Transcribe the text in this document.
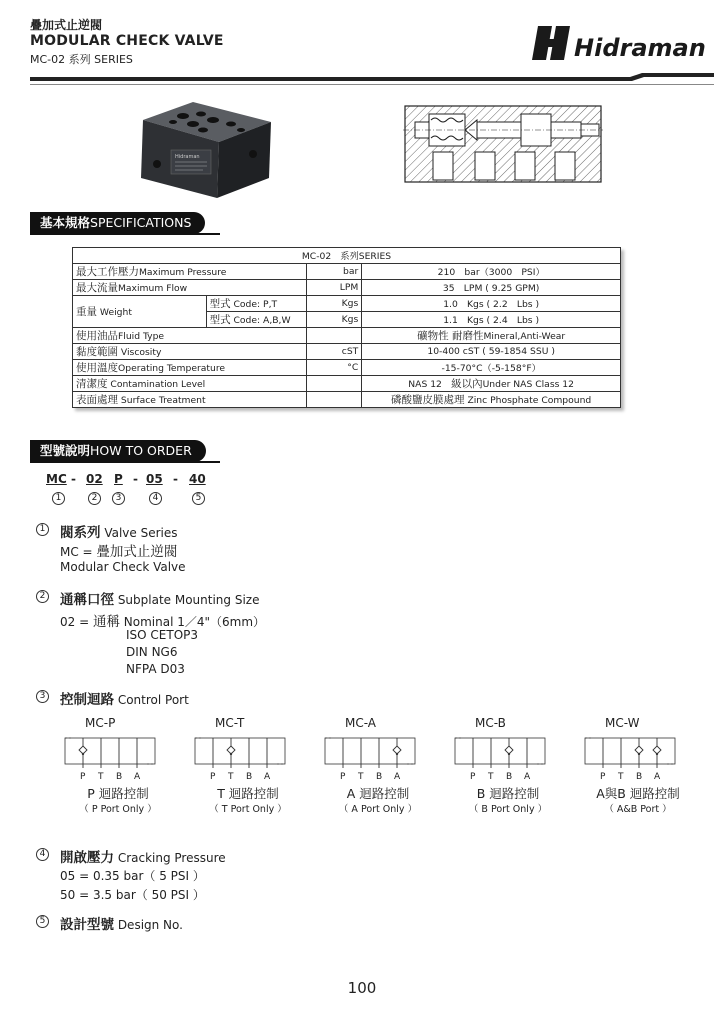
疊加式止逆閥
MODULAR CHECK VALVE
MC-02 系列 SERIES	Hidraman
Hidraman
基本規格SPECIFICATIONS
MC-02　系列SERIES			
最大工作壓力Maximum Pressure		bar	210　bar（3000　PSI）
最大流量Maximum Flow		LPM	35　LPM ( 9.25 GPM)
重量 Weight	型式 Code: P,T	Kgs	1.0　Kgs ( 2.2　Lbs )
	型式 Code: A,B,W	Kgs	1.1　Kgs ( 2.4　Lbs )
使用油品Fluid Type			礦物性 耐磨性Mineral,Anti-Wear
黏度範圍 Viscosity		cST	10-400 cST ( 59-1854 SSU )
使用溫度Operating Temperature		°C	-15-70°C（-5-158°F）
清潔度 Contamination Level			NAS 12　級以內Under NAS Class 12
表面處理 Surface Treatment			磷酸鹽皮膜處理 Zinc Phosphate Compound
型號說明HOW TO ORDER
MC - 02 P - 05 - 40
1	2	3	4	5
1 閥系列 Valve Series
MC = 疊加式止逆閥
Modular Check Valve
2 通稱口徑 Subplate Mounting Size
02 = 通稱 Nominal 1／4"（6mm）
ISO CETOP3
DIN NG6
NFPA D03
3 控制迴路 Control Port
MC-P
P T B A
P 迴路控制
（ P Port Only ）
MC-T
P T B A
T 迴路控制
（ T Port Only ）
MC-A
P T B A
A 迴路控制
（ A Port Only ）
MC-B
P T B A
B 迴路控制
（ B Port Only ）
MC-W
P T B A
A與B 迴路控制
（ A&B Port ）
4 開啟壓力 Cracking Pressure
05 = 0.35 bar（ 5 PSI ）
50 = 3.5 bar（ 50 PSI ）
5 設計型號 Design No.
100
